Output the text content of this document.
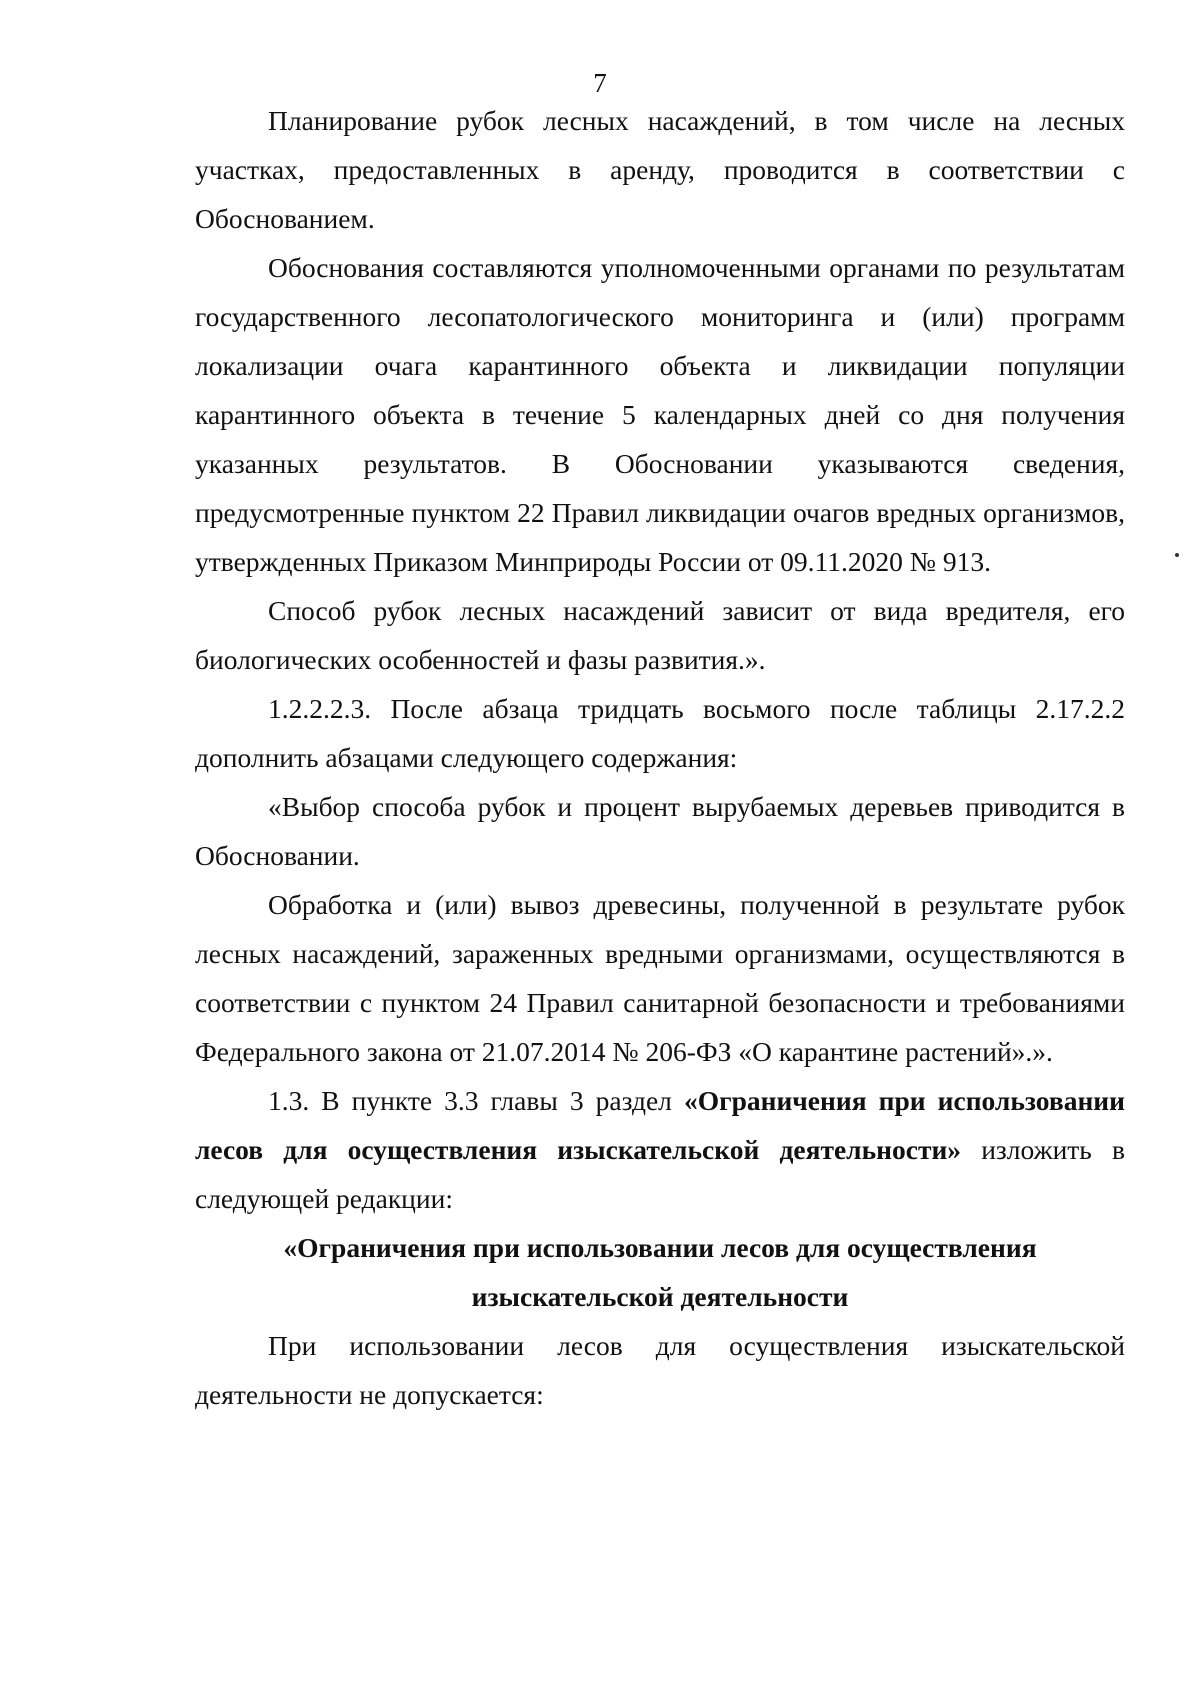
7

Планирование рубок лесных насаждений, в том числе на лесных участках, предоставленных в аренду, проводится в соответствии с Обоснованием.

Обоснования составляются уполномоченными органами по результатам государственного лесопатологического мониторинга и (или) программ локализации очага карантинного объекта и ликвидации популяции карантинного объекта в течение 5 календарных дней со дня получения указанных результатов. В Обосновании указываются сведения, предусмотренные пунктом 22 Правил ликвидации очагов вредных организмов, утвержденных Приказом Минприроды России от 09.11.2020 № 913.

Способ рубок лесных насаждений зависит от вида вредителя, его биологических особенностей и фазы развития.».

1.2.2.2.3. После абзаца тридцать восьмого после таблицы 2.17.2.2 дополнить абзацами следующего содержания:

«Выбор способа рубок и процент вырубаемых деревьев приводится в Обосновании.

Обработка и (или) вывоз древесины, полученной в результате рубок лесных насаждений, зараженных вредными организмами, осуществляются в соответствии с пунктом 24 Правил санитарной безопасности и требованиями Федерального закона от 21.07.2014 № 206-ФЗ «О карантине растений».».

1.3. В пункте 3.3 главы 3 раздел «Ограничения при использовании лесов для осуществления изыскательской деятельности» изложить в следующей редакции:

«Ограничения при использовании лесов для осуществления изыскательской деятельности

При использовании лесов для осуществления изыскательской деятельности не допускается:
